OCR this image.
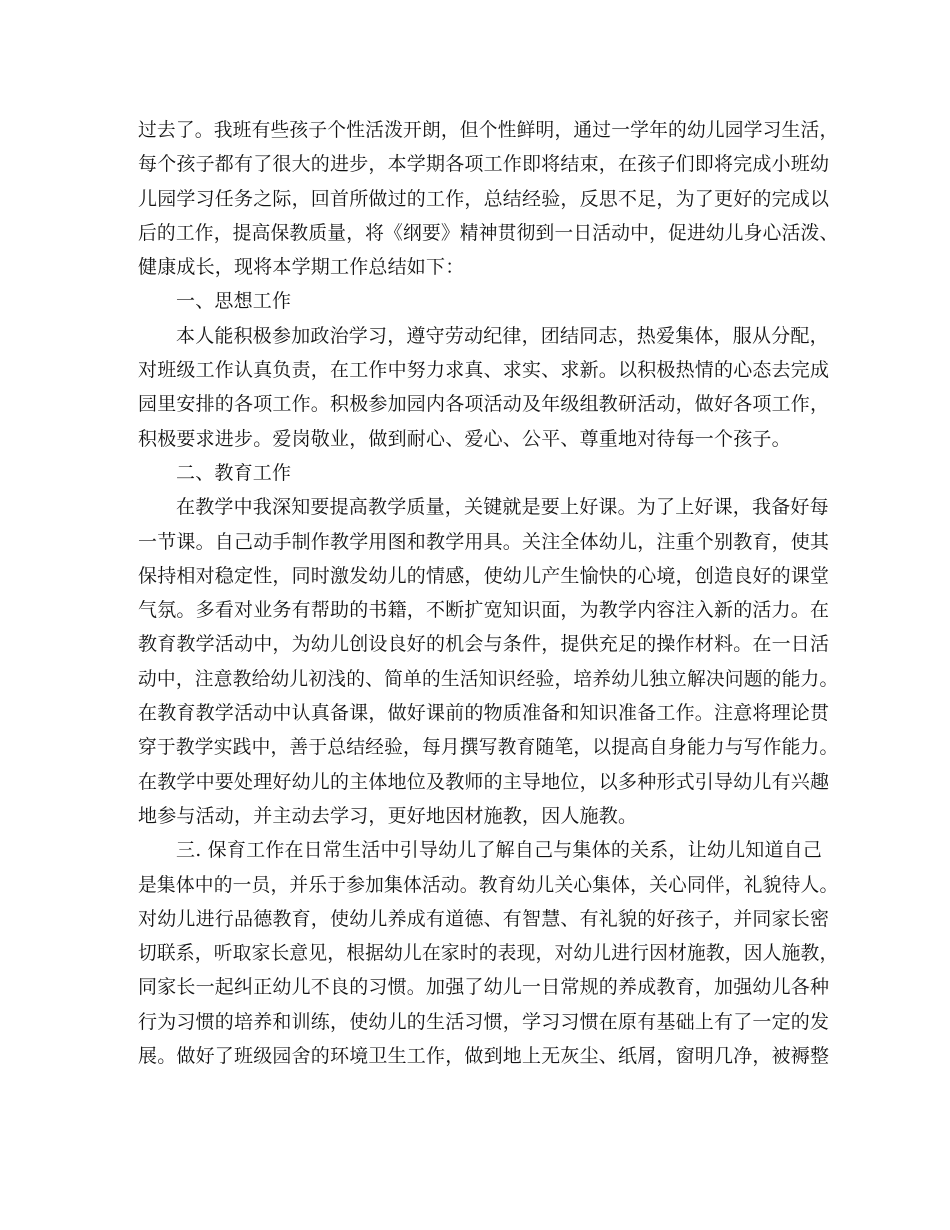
过去了。我班有些孩子个性活泼开朗，但个性鲜明，通过一学年的幼儿园学习生活，
每个孩子都有了很大的进步，本学期各项工作即将结束，在孩子们即将完成小班幼
儿园学习任务之际，回首所做过的工作，总结经验，反思不足，为了更好的完成以
后的工作，提高保教质量，将《纲要》精神贯彻到一日活动中，促进幼儿身心活泼、
健康成长，现将本学期工作总结如下：
一、思想工作
本人能积极参加政治学习，遵守劳动纪律，团结同志，热爱集体，服从分配，
对班级工作认真负责，在工作中努力求真、求实、求新。以积极热情的心态去完成
园里安排的各项工作。积极参加园内各项活动及年级组教研活动，做好各项工作，
积极要求进步。爱岗敬业，做到耐心、爱心、公平、尊重地对待每一个孩子。
二、教育工作
在教学中我深知要提高教学质量，关键就是要上好课。为了上好课，我备好每
一节课。自己动手制作教学用图和教学用具。关注全体幼儿，注重个别教育，使其
保持相对稳定性，同时激发幼儿的情感，使幼儿产生愉快的心境，创造良好的课堂
气氛。多看对业务有帮助的书籍，不断扩宽知识面，为教学内容注入新的活力。在
教育教学活动中，为幼儿创设良好的机会与条件，提供充足的操作材料。在一日活
动中，注意教给幼儿初浅的、简单的生活知识经验，培养幼儿独立解决问题的能力。
在教育教学活动中认真备课，做好课前的物质准备和知识准备工作。注意将理论贯
穿于教学实践中，善于总结经验，每月撰写教育随笔，以提高自身能力与写作能力。
在教学中要处理好幼儿的主体地位及教师的主导地位，以多种形式引导幼儿有兴趣
地参与活动，并主动去学习，更好地因材施教，因人施教。
三. 保育工作在日常生活中引导幼儿了解自己与集体的关系，让幼儿知道自己
是集体中的一员，并乐于参加集体活动。教育幼儿关心集体，关心同伴，礼貌待人。
对幼儿进行品德教育，使幼儿养成有道德、有智慧、有礼貌的好孩子，并同家长密
切联系，听取家长意见，根据幼儿在家时的表现，对幼儿进行因材施教，因人施教，
同家长一起纠正幼儿不良的习惯。加强了幼儿一日常规的养成教育，加强幼儿各种
行为习惯的培养和训练，使幼儿的生活习惯，学习习惯在原有基础上有了一定的发
展。做好了班级园舍的环境卫生工作，做到地上无灰尘、纸屑，窗明几净，被褥整
